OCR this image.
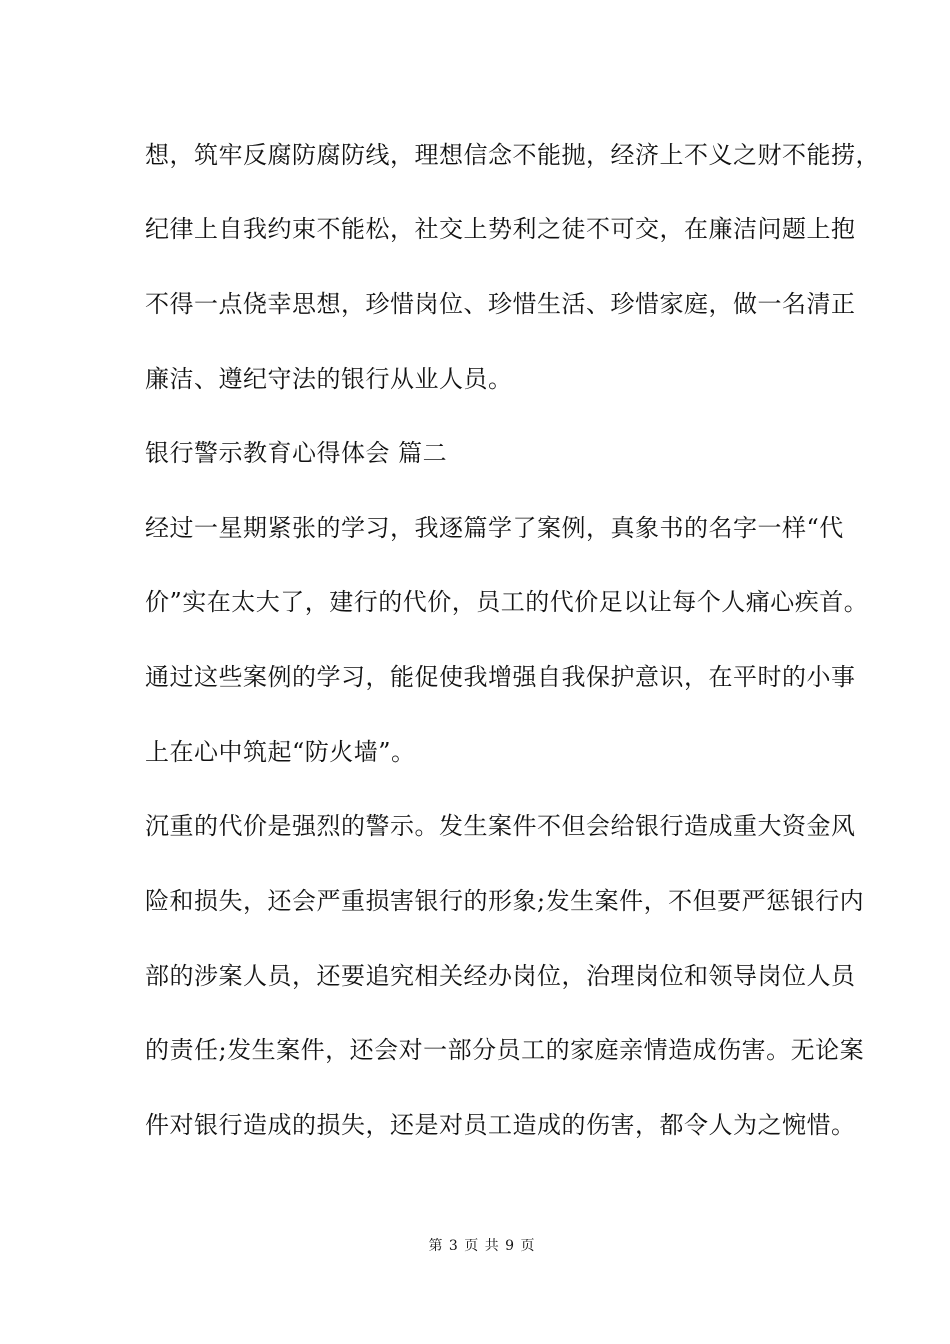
想，筑牢反腐防腐防线，理想信念不能抛，经济上不义之财不能捞，
纪律上自我约束不能松，社交上势利之徒不可交，在廉洁问题上抱
不得一点侥幸思想，珍惜岗位、珍惜生活、珍惜家庭，做一名清正
廉洁、遵纪守法的银行从业人员。
银行警示教育心得体会 篇二
经过一星期紧张的学习，我逐篇学了案例，真象书的名字一样“代
价”实在太大了，建行的代价，员工的代价足以让每个人痛心疾首。
通过这些案例的学习，能促使我增强自我保护意识，在平时的小事
上在心中筑起“防火墙”。
沉重的代价是强烈的警示。发生案件不但会给银行造成重大资金风
险和损失，还会严重损害银行的形象;发生案件，不但要严惩银行内
部的涉案人员，还要追究相关经办岗位，治理岗位和领导岗位人员
的责任;发生案件，还会对一部分员工的家庭亲情造成伤害。无论案
件对银行造成的损失，还是对员工造成的伤害，都令人为之惋惜。
第 3 页 共 9 页
